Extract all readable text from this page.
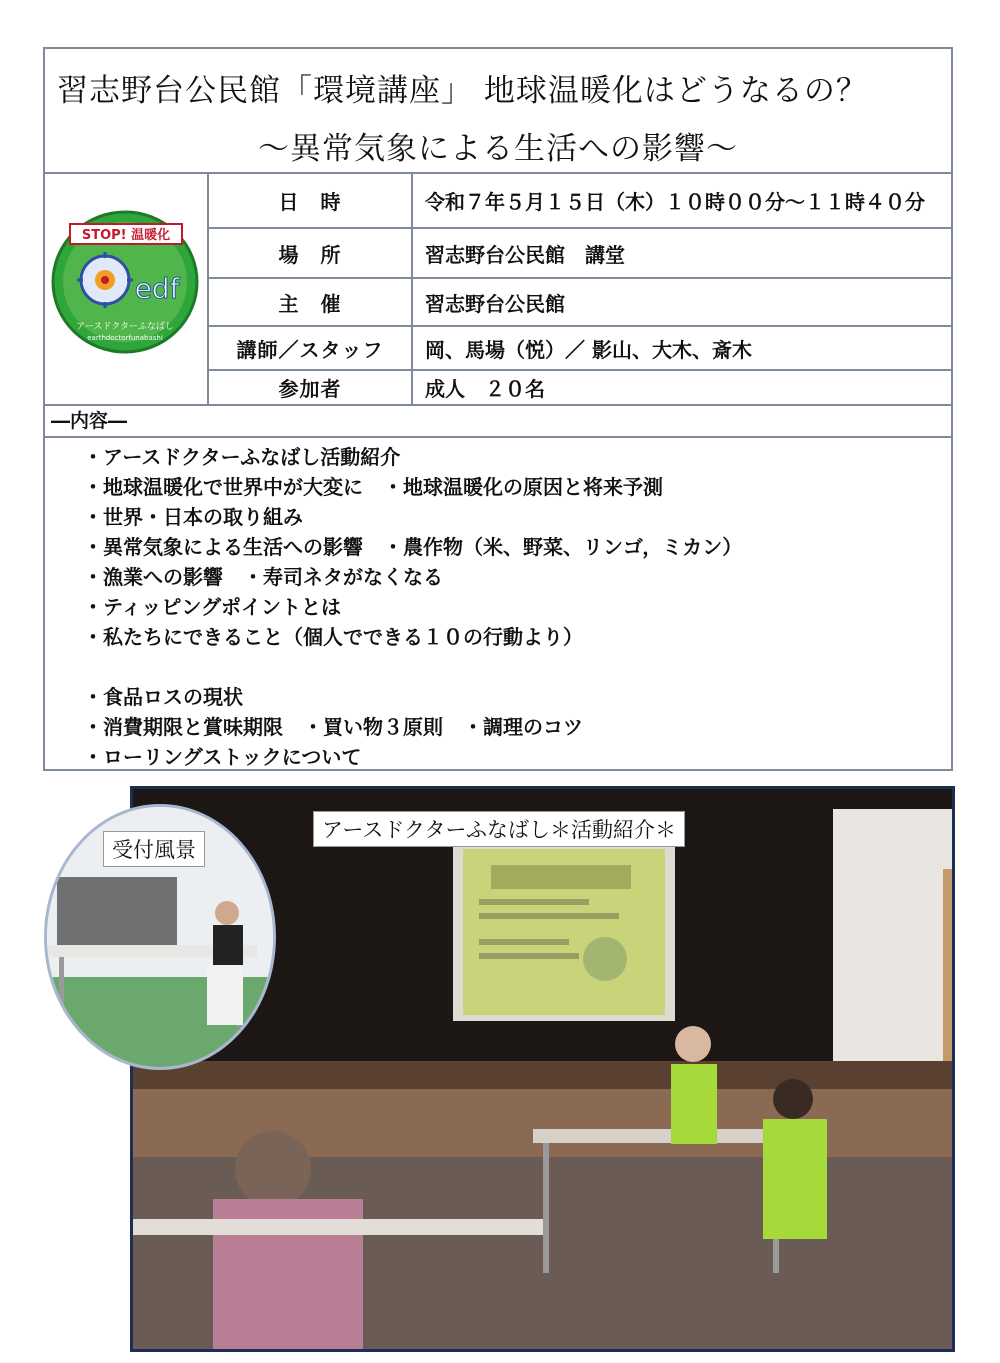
習志野台公民館「環境講座」 地球温暖化はどうなるの？
～異常気象による生活への影響～
STOP! 温暖化
edf
アースドクターふなばし
earthdoctorfunabashi
日　時	令和７年５月１５日（木）１０時００分～１１時４０分
場　所	習志野台公民館　講堂
主　催	習志野台公民館
講師／スタッフ	岡、馬場（悦）／ 影山、大木、斎木
参加者	成人　２０名
―内容―
・アースドクターふなばし活動紹介
・地球温暖化で世界中が大変に　・地球温暖化の原因と将来予測
・世界・日本の取り組み
・異常気象による生活への影響　・農作物（米、野菜、リンゴ，ミカン）
・漁業への影響　・寿司ネタがなくなる
・ティッピングポイントとは
・私たちにできること（個人でできる１０の行動より）
・食品ロスの現状
・消費期限と賞味期限　・買い物３原則　・調理のコツ
・ローリングストックについて
アースドクターふなばし＊活動紹介＊
受付風景
